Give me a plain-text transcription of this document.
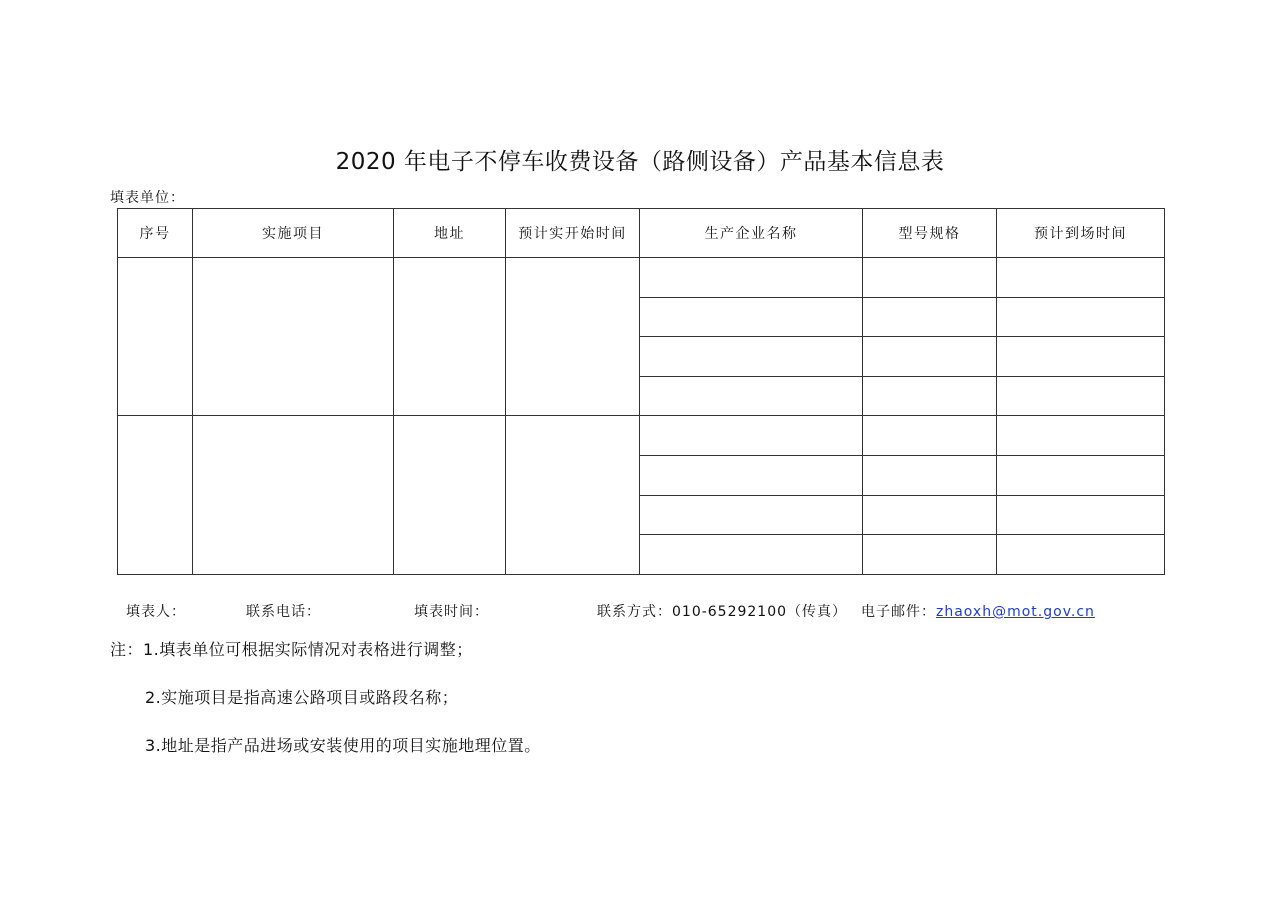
2020 年电子不停车收费设备（路侧设备）产品基本信息表
填表单位：
序号	实施项目	地址	预计实开始时间	生产企业名称	型号规格	预计到场时间

填表人：	联系电话：	填表时间：	联系方式：010-65292100（传真） 电子邮件：zhaoxh@mot.gov.cn
注：1.填表单位可根据实际情况对表格进行调整；
2.实施项目是指高速公路项目或路段名称；
3.地址是指产品进场或安装使用的项目实施地理位置。
